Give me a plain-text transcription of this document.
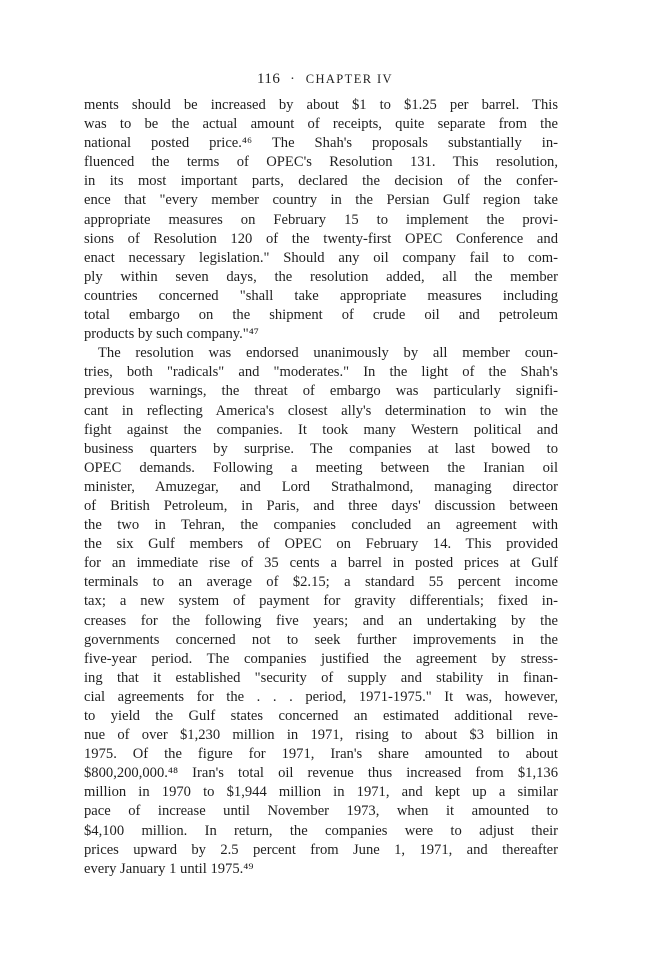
116 · CHAPTER IV
ments should be increased by about $1 to $1.25 per barrel. This
was to be the actual amount of receipts, quite separate from the
national posted price.⁴⁶ The Shah's proposals substantially in-
fluenced the terms of OPEC's Resolution 131. This resolution,
in its most important parts, declared the decision of the confer-
ence that "every member country in the Persian Gulf region take
appropriate measures on February 15 to implement the provi-
sions of Resolution 120 of the twenty-first OPEC Conference and
enact necessary legislation." Should any oil company fail to com-
ply within seven days, the resolution added, all the member
countries concerned "shall take appropriate measures including
total embargo on the shipment of crude oil and petroleum
products by such company."⁴⁷
The resolution was endorsed unanimously by all member coun-
tries, both "radicals" and "moderates." In the light of the Shah's
previous warnings, the threat of embargo was particularly signifi-
cant in reflecting America's closest ally's determination to win the
fight against the companies. It took many Western political and
business quarters by surprise. The companies at last bowed to
OPEC demands. Following a meeting between the Iranian oil
minister, Amuzegar, and Lord Strathalmond, managing director
of British Petroleum, in Paris, and three days' discussion between
the two in Tehran, the companies concluded an agreement with
the six Gulf members of OPEC on February 14. This provided
for an immediate rise of 35 cents a barrel in posted prices at Gulf
terminals to an average of $2.15; a standard 55 percent income
tax; a new system of payment for gravity differentials; fixed in-
creases for the following five years; and an undertaking by the
governments concerned not to seek further improvements in the
five-year period. The companies justified the agreement by stress-
ing that it established "security of supply and stability in finan-
cial agreements for the . . . period, 1971-1975." It was, however,
to yield the Gulf states concerned an estimated additional reve-
nue of over $1,230 million in 1971, rising to about $3 billion in
1975. Of the figure for 1971, Iran's share amounted to about
$800,200,000.⁴⁸ Iran's total oil revenue thus increased from $1,136
million in 1970 to $1,944 million in 1971, and kept up a similar
pace of increase until November 1973, when it amounted to
$4,100 million. In return, the companies were to adjust their
prices upward by 2.5 percent from June 1, 1971, and thereafter
every January 1 until 1975.⁴⁹
